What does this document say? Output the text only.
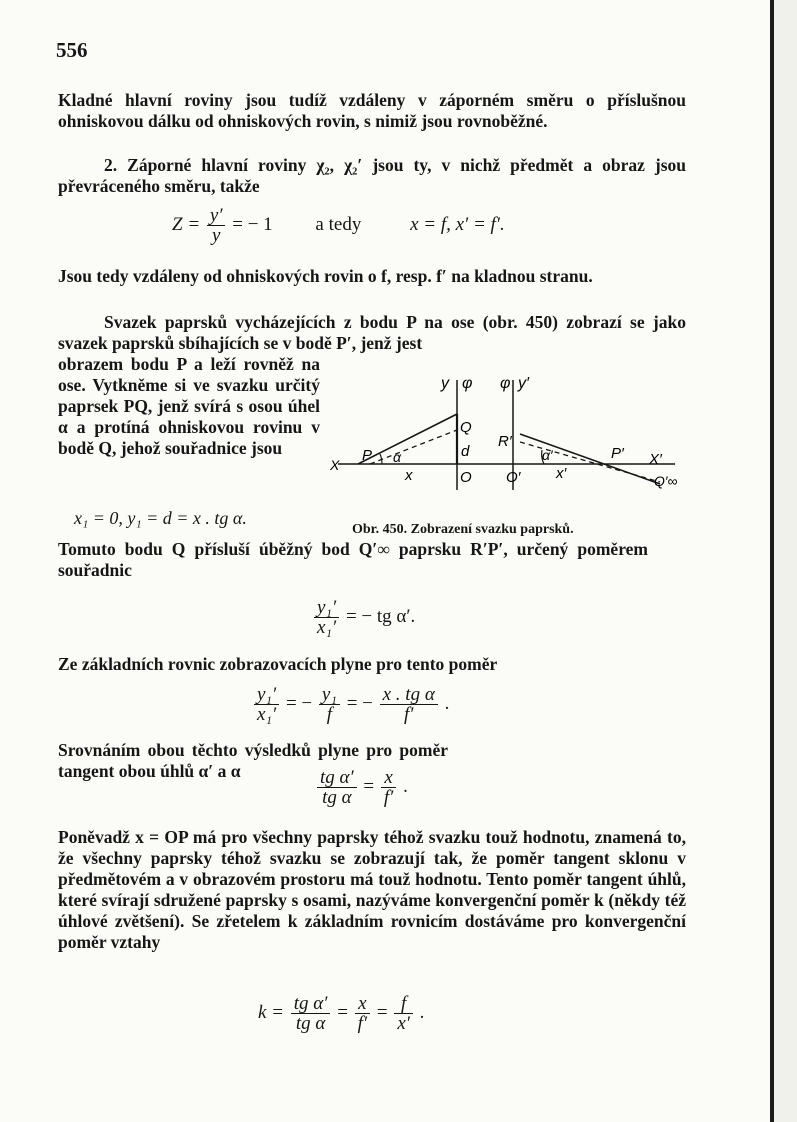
556
Kladné hlavní roviny jsou tudíž vzdáleny v záporném směru o příslušnou ohniskovou dálku od ohniskových rovin, s nimiž jsou rovnoběžné.
2. Záporné hlavní roviny χ₂, χ₂′ jsou ty, v nichž předmět a obraz jsou převráceného směru, takže
$Z = \frac{y'}{y}$ = − 1 a tedy	x = f, x′ = f′.
Jsou tedy vzdáleny od ohniskových rovin o f, resp. f′ na kladnou stranu.
Svazek paprsků vycházejících z bodu P na ose (obr. 450) zobrazí se jako svazek paprsků sbíhajících se v bodě P′, jenž jest
obrazem bodu P a leží rovněž na ose. Vytkněme si ve svazku určitý paprsek PQ, jenž svírá s osou úhel α a protíná ohniskovou rovinu v bodě Q, jehož souřadnice jsou
x₁ = 0, y₁ = d = x . tg α.
y φ φ y′
Q
d
R′
P α
x	O O′
α′
x′
P′
X	X′
Q′∞
Obr. 450. Zobrazení svazku paprsků.
Tomuto bodu Q přísluší úběžný bod Q′∞ paprsku R′P′, určený poměrem souřadnic
$\frac{\text{y₁′}}{\text{x₁′}}$ = − tg α′.
Ze základních rovnic zobrazovacích plyne pro tento poměr
$\frac{\text{y₁′}}{\text{x₁′}}$ = − $\frac{\text{y₁}}{f}$ = − $\frac{\text{x . tg α}}{f'}$ .
Srovnáním obou těchto výsledků plyne pro poměr tangent obou úhlů α′ a α	$\frac{\text{tg α′}}{\text{tg α}} = \frac{x}{f'}$ .
Poněvadž x = OP má pro všechny paprsky téhož svazku touž hodnotu, znamená to, že všechny paprsky téhož svazku se zobrazují tak, že poměr tangent sklonu v předmětovém a v obrazovém prostoru má touž hodnotu. Tento poměr tangent úhlů, které svírají sdružené paprsky s osami, nazýváme konvergenční poměr k (někdy též úhlové zvětšení). Se zřetelem k základním rovnicím dostáváme pro konvergenční poměr vztahy
$k = \frac{\text{tg α′}}{\text{tg α}} = \frac{x}{f'} = \frac{f}{x'}$ .
